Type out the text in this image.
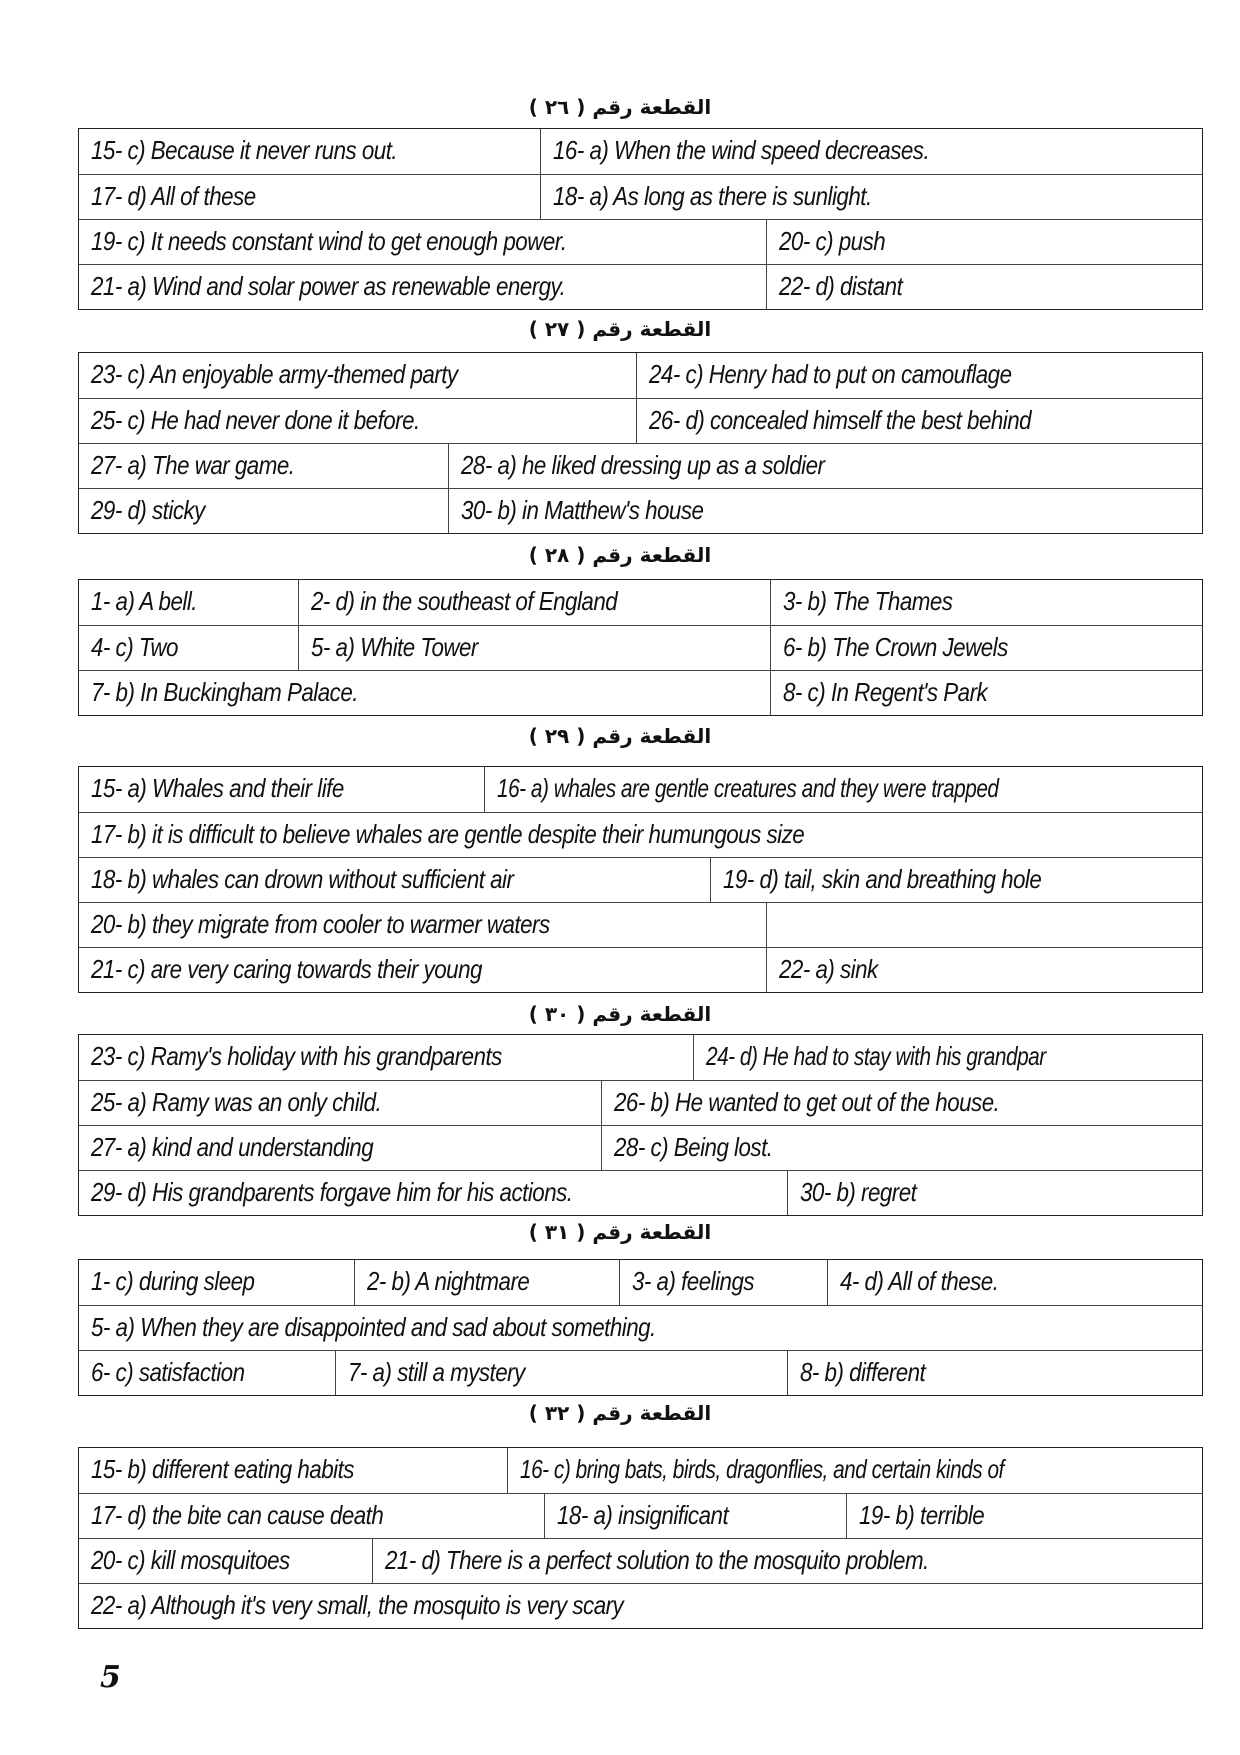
القطعة رقم ( ٢٦ )
15- c) Because it never runs out.	16- a) When the wind speed decreases.
17- d) All of these	18- a) As long as there is sunlight.
19- c) It needs constant wind to get enough power.	20- c) push
21- a) Wind and solar power as renewable energy.	22- d) distant
القطعة رقم ( ٢٧ )
23- c) An enjoyable army-themed party	24- c) Henry had to put on camouflage
25- c) He had never done it before.	26- d) concealed himself the best behind
27- a) The war game.	28- a) he liked dressing up as a soldier
29- d) sticky	30- b) in Matthew's house
القطعة رقم ( ٢٨ )
1- a) A bell.	2- d) in the southeast of England	3- b) The Thames
4- c) Two	5- a) White Tower	6- b) The Crown Jewels
7- b) In Buckingham Palace.	8- c) In Regent's Park
القطعة رقم ( ٢٩ )
15- a) Whales and their life	16- a) whales are gentle creatures and they were trapped
17- b) it is difficult to believe whales are gentle despite their humungous size
18- b) whales can drown without sufficient air	19- d) tail, skin and breathing hole
20- b) they migrate from cooler to warmer waters
21- c) are very caring towards their young	22- a) sink
القطعة رقم ( ٣٠ )
23- c) Ramy's holiday with his grandparents	24- d) He had to stay with his grandpar
25- a) Ramy was an only child.	26- b) He wanted to get out of the house.
27- a) kind and understanding	28- c) Being lost.
29- d) His grandparents forgave him for his actions.	30- b) regret
القطعة رقم ( ٣١ )
1- c) during sleep	2- b) A nightmare	3- a) feelings	4- d) All of these.
5- a) When they are disappointed and sad about something.
6- c) satisfaction	7- a) still a mystery	8- b) different
القطعة رقم ( ٣٢ )
15- b) different eating habits	16- c) bring bats, birds, dragonflies, and certain kinds of
17- d) the bite can cause death	18- a) insignificant	19- b) terrible
20- c) kill mosquitoes	21- d) There is a perfect solution to the mosquito problem.
22- a) Although it's very small, the mosquito is very scary
5
